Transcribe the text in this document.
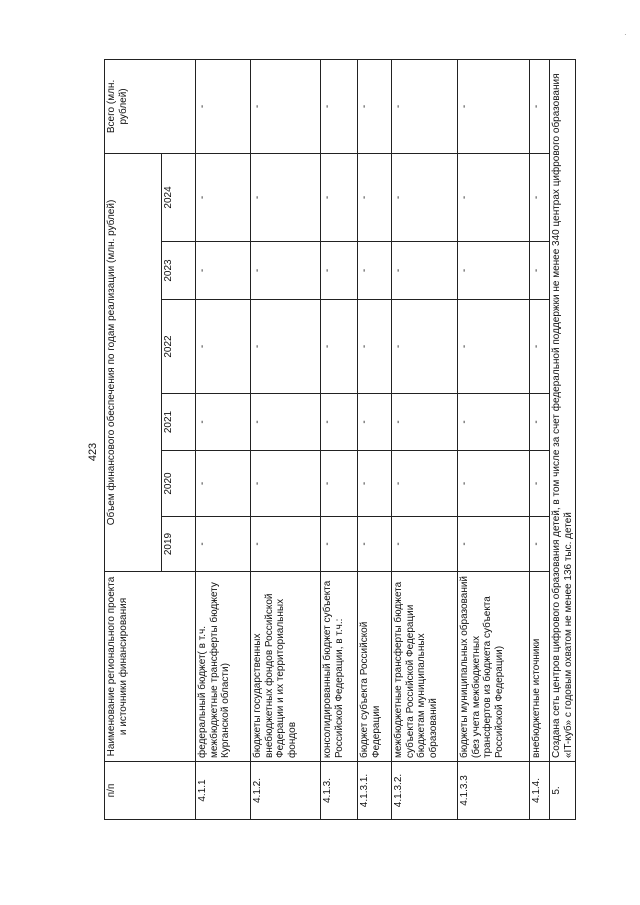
423
·
п/п	Наименование регионального проекта и источники финансирования	Объем финансового обеспечения по годам реализации (млн. рублей)						Всего (млн. рублей)
		2019	2020	2021	2022	2023	2024	
4.1.1	федеральный бюджет( в т.ч. межбюджетные трансферты бюджету Курганской области)	-	-	-	-	-	-	-
4.1.2.	бюджеты государственных внебюджетных фондов Российской Федерации и их территориальных фондов	-	-	-	-	-	-	-
4.1.3.	консолидированный бюджет субъекта Российской Федерации, в т.ч.:	-	-	-	-	-	-	-
4.1.3.1.	бюджет субъекта Российской Федерации	-	-	-	-	-	-	-
4.1.3.2.	межбюджетные трансферты бюджета субъекта Российской Федерации бюджетам муниципальных образований	-	-	-	-	-	-	-
4.1.3.3	бюджеты муниципальных образований (без учета межбюджетных трансфертов из бюджета субъекта Российской Федерации)	-	-	-	-	-	-	-
4.1.4.	внебюджетные источники	-	-	-	-	-	-	-
5.	Создана сеть центров цифрового образования детей, в том числе за счет федеральной поддержки не менее 340 центрах цифрового образования «IT-куб» с годовым охватом не менее 136 тыс. детей							
